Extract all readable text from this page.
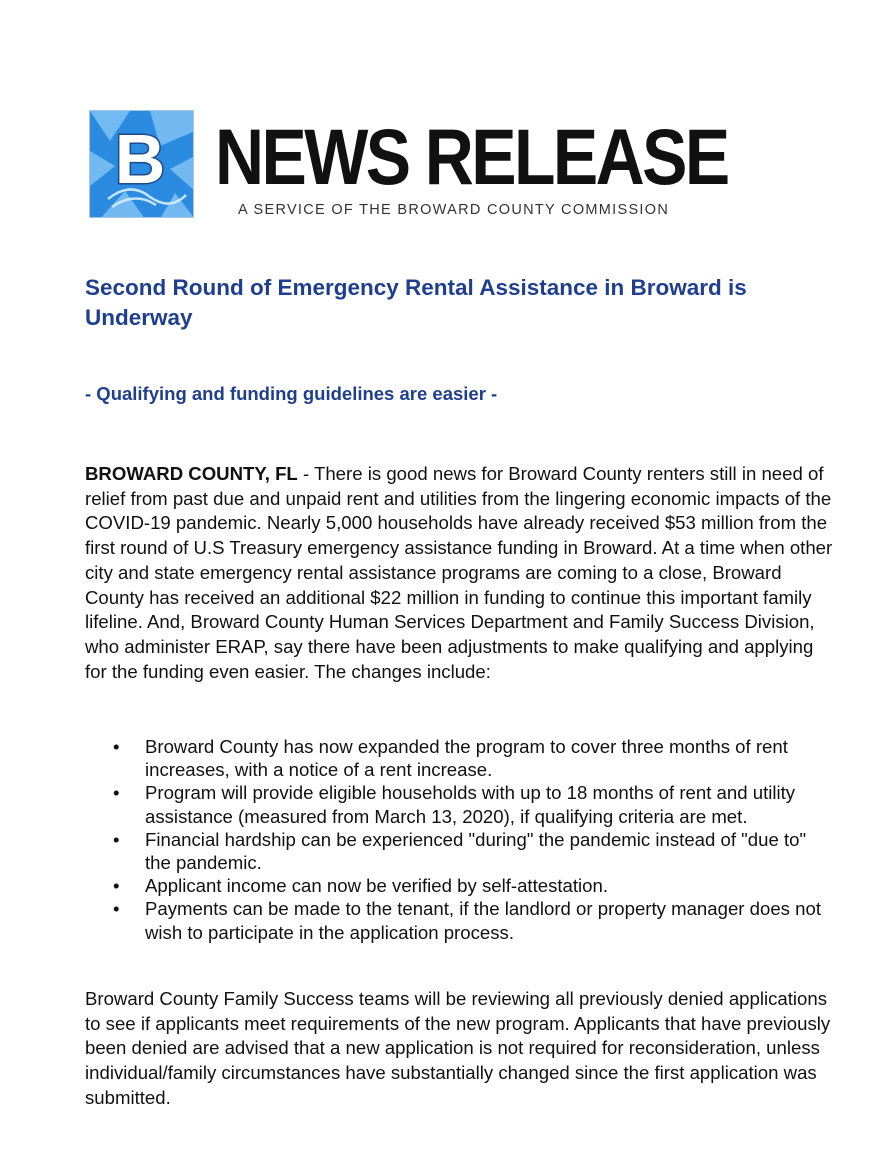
B NEWS RELEASE
A SERVICE OF THE BROWARD COUNTY COMMISSION
Second Round of Emergency Rental Assistance in Broward is Underway

- Qualifying and funding guidelines are easier -

BROWARD COUNTY, FL - There is good news for Broward County renters still in need of relief from past due and unpaid rent and utilities from the lingering economic impacts of the COVID-19 pandemic. Nearly 5,000 households have already received $53 million from the first round of U.S Treasury emergency assistance funding in Broward. At a time when other city and state emergency rental assistance programs are coming to a close, Broward County has received an additional $22 million in funding to continue this important family lifeline. And, Broward County Human Services Department and Family Success Division, who administer ERAP, say there have been adjustments to make qualifying and applying for the funding even easier. The changes include:

• Broward County has now expanded the program to cover three months of rent increases, with a notice of a rent increase.
• Program will provide eligible households with up to 18 months of rent and utility assistance (measured from March 13, 2020), if qualifying criteria are met.
• Financial hardship can be experienced "during" the pandemic instead of "due to" the pandemic.
• Applicant income can now be verified by self-attestation.
• Payments can be made to the tenant, if the landlord or property manager does not wish to participate in the application process.

Broward County Family Success teams will be reviewing all previously denied applications to see if applicants meet requirements of the new program. Applicants that have previously been denied are advised that a new application is not required for reconsideration, unless individual/family circumstances have substantially changed since the first application was submitted.
